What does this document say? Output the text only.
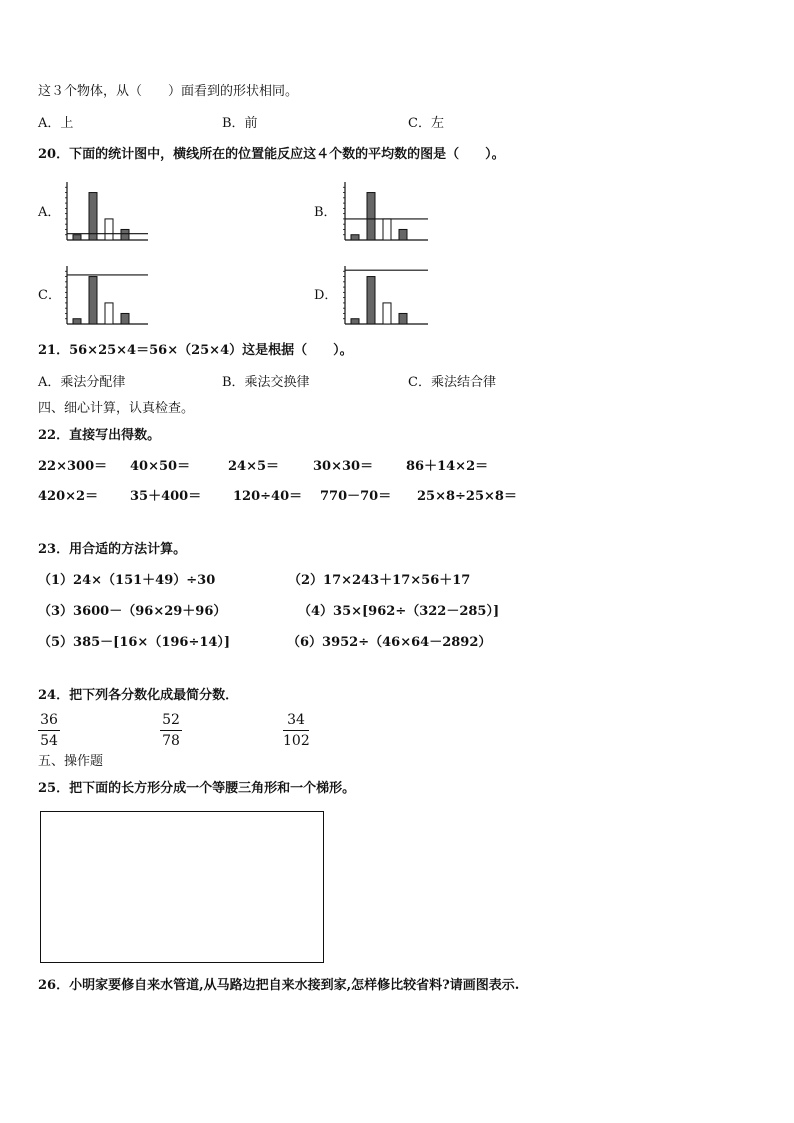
这３个物体，从（　　）面看到的形状相同。
A．上	B．前	C．左
20．下面的统计图中，横线所在的位置能反应这４个数的平均数的图是（　　）。
A．	B．
C．	D．
21．56×25×4＝56×（25×4）这是根据（　　）。
A．乘法分配律	B．乘法交换律	C．乘法结合律
四、细心计算，认真检查。
22．直接写出得数。
22×300＝ 40×50＝	24×5＝	30×30＝	86＋14×2＝
420×2＝ 35＋400＝ 120÷40＝ 770－70＝ 25×8÷25×8＝
23．用合适的方法计算。
（1）24×（151＋49）÷30	（2）17×243＋17×56＋17
（3）3600－（96×29＋96）	（4）35×[962÷（322－285）]
（5）385－[16×（196÷14）]	（6）3952÷（46×64－2892）
24．把下列各分数化成最简分数．
36
54
52
78
34
102
五、操作题
25．把下面的长方形分成一个等腰三角形和一个梯形。
26．小明家要修自来水管道,从马路边把自来水接到家,怎样修比较省料?请画图表示.
